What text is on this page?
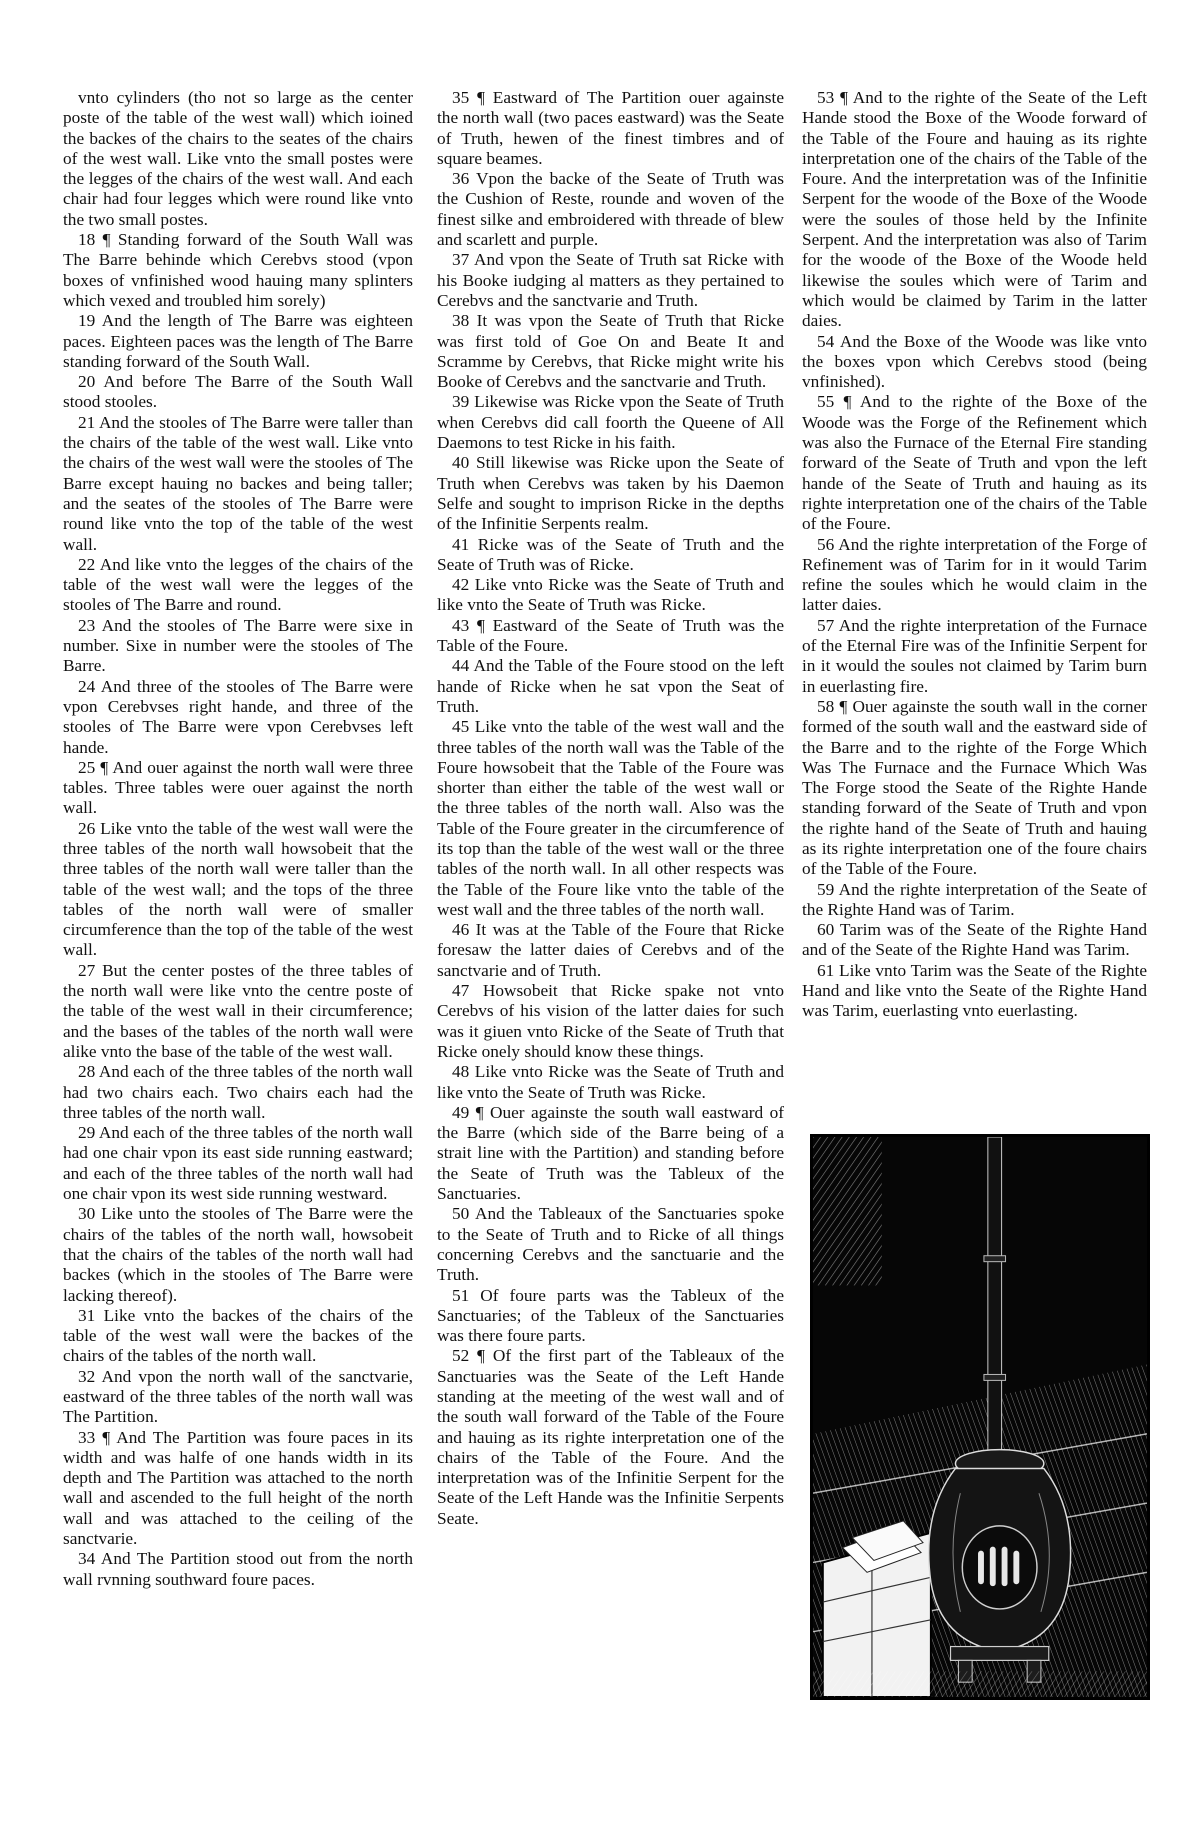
vnto cylinders (tho not so large as the center poste of the table of the west wall) which ioined the backes of the chairs to the seates of the chairs of the west wall. Like vnto the small postes were the legges of the chairs of the west wall. And each chair had four legges which were round like vnto the two small postes.

18 ¶ Standing forward of the South Wall was The Barre behinde which Cerebvs stood (vpon boxes of vnfinished wood hauing many splinters which vexed and troubled him sorely)

19 And the length of The Barre was eighteen paces. Eighteen paces was the length of The Barre standing forward of the South Wall.

20 And before The Barre of the South Wall stood stooles.

21 And the stooles of The Barre were taller than the chairs of the table of the west wall. Like vnto the chairs of the west wall were the stooles of The Barre except hauing no backes and being taller; and the seates of the stooles of The Barre were round like vnto the top of the table of the west wall.

22 And like vnto the legges of the chairs of the table of the west wall were the legges of the stooles of The Barre and round.

23 And the stooles of The Barre were sixe in number. Sixe in number were the stooles of The Barre.

24 And three of the stooles of The Barre were vpon Cerebvses right hande, and three of the stooles of The Barre were vpon Cerebvses left hande.

25 ¶ And ouer against the north wall were three tables. Three tables were ouer against the north wall.

26 Like vnto the table of the west wall were the three tables of the north wall howsobeit that the three tables of the north wall were taller than the table of the west wall; and the tops of the three tables of the north wall were of smaller circumference than the top of the table of the west wall.

27 But the center postes of the three tables of the north wall were like vnto the centre poste of the table of the west wall in their circumference; and the bases of the tables of the north wall were alike vnto the base of the table of the west wall.

28 And each of the three tables of the north wall had two chairs each. Two chairs each had the three tables of the north wall.

29 And each of the three tables of the north wall had one chair vpon its east side running eastward; and each of the three tables of the north wall had one chair vpon its west side running westward.

30 Like unto the stooles of The Barre were the chairs of the tables of the north wall, howsobeit that the chairs of the tables of the north wall had backes (which in the stooles of The Barre were lacking thereof).

31 Like vnto the backes of the chairs of the table of the west wall were the backes of the chairs of the tables of the north wall.

32 And vpon the north wall of the sanctvarie, eastward of the three tables of the north wall was The Partition.

33 ¶ And The Partition was foure paces in its width and was halfe of one hands width in its depth and The Partition was attached to the north wall and ascended to the full height of the north wall and was attached to the ceiling of the sanctvarie.

34 And The Partition stood out from the north wall rvnning southward foure paces.

35 ¶ Eastward of The Partition ouer againste the north wall (two paces eastward) was the Seate of Truth, hewen of the finest timbres and of square beames.

36 Vpon the backe of the Seate of Truth was the Cushion of Reste, rounde and woven of the finest silke and embroidered with threade of blew and scarlett and purple.

37 And vpon the Seate of Truth sat Ricke with his Booke iudging al matters as they pertained to Cerebvs and the sanctvarie and Truth.

38 It was vpon the Seate of Truth that Ricke was first told of Goe On and Beate It and Scramme by Cerebvs, that Ricke might write his Booke of Cerebvs and the sanctvarie and Truth.

39 Likewise was Ricke vpon the Seate of Truth when Cerebvs did call foorth the Queene of All Daemons to test Ricke in his faith.

40 Still likewise was Ricke upon the Seate of Truth when Cerebvs was taken by his Daemon Selfe and sought to imprison Ricke in the depths of the Infinitie Serpents realm.

41 Ricke was of the Seate of Truth and the Seate of Truth was of Ricke.

42 Like vnto Ricke was the Seate of Truth and like vnto the Seate of Truth was Ricke.

43 ¶ Eastward of the Seate of Truth was the Table of the Foure.

44 And the Table of the Foure stood on the left hande of Ricke when he sat vpon the Seat of Truth.

45 Like vnto the table of the west wall and the three tables of the north wall was the Table of the Foure howsobeit that the Table of the Foure was shorter than either the table of the west wall or the three tables of the north wall. Also was the Table of the Foure greater in the circumference of its top than the table of the west wall or the three tables of the north wall. In all other respects was the Table of the Foure like vnto the table of the west wall and the three tables of the north wall.

46 It was at the Table of the Foure that Ricke foresaw the latter daies of Cerebvs and of the sanctvarie and of Truth.

47 Howsobeit that Ricke spake not vnto Cerebvs of his vision of the latter daies for such was it giuen vnto Ricke of the Seate of Truth that Ricke onely should know these things.

48 Like vnto Ricke was the Seate of Truth and like vnto the Seate of Truth was Ricke.

49 ¶ Ouer againste the south wall eastward of the Barre (which side of the Barre being of a strait line with the Partition) and standing before the Seate of Truth was the Tableux of the Sanctuaries.

50 And the Tableaux of the Sanctuaries spoke to the Seate of Truth and to Ricke of all things concerning Cerebvs and the sanctuarie and the Truth.

51 Of foure parts was the Tableux of the Sanctuaries; of the Tableux of the Sanctuaries was there foure parts.

52 ¶ Of the first part of the Tableaux of the Sanctuaries was the Seate of the Left Hande standing at the meeting of the west wall and of the south wall forward of the Table of the Foure and hauing as its righte interpretation one of the chairs of the Table of the Foure. And the interpretation was of the Infinitie Serpent for the Seate of the Left Hande was the Infinitie Serpents Seate.

53 ¶ And to the righte of the Seate of the Left Hande stood the Boxe of the Woode forward of the Table of the Foure and hauing as its righte interpretation one of the chairs of the Table of the Foure. And the interpretation was of the Infinitie Serpent for the woode of the Boxe of the Woode were the soules of those held by the Infinite Serpent. And the interpretation was also of Tarim for the woode of the Boxe of the Woode held likewise the soules which were of Tarim and which would be claimed by Tarim in the latter daies.

54 And the Boxe of the Woode was like vnto the boxes vpon which Cerebvs stood (being vnfinished).

55 ¶ And to the righte of the Boxe of the Woode was the Forge of the Refinement which was also the Furnace of the Eternal Fire standing forward of the Seate of Truth and vpon the left hande of the Seate of Truth and hauing as its righte interpretation one of the chairs of the Table of the Foure.

56 And the righte interpretation of the Forge of Refinement was of Tarim for in it would Tarim refine the soules which he would claim in the latter daies.

57 And the righte interpretation of the Furnace of the Eternal Fire was of the Infinitie Serpent for in it would the soules not claimed by Tarim burn in euerlasting fire.

58 ¶ Ouer againste the south wall in the corner formed of the south wall and the eastward side of the Barre and to the righte of the Forge Which Was The Furnace and the Furnace Which Was The Forge stood the Seate of the Righte Hande standing forward of the Seate of Truth and vpon the righte hand of the Seate of Truth and hauing as its righte interpretation one of the foure chairs of the Table of the Foure.

59 And the righte interpretation of the Seate of the Righte Hand was of Tarim.

60 Tarim was of the Seate of the Righte Hand and of the Seate of the Righte Hand was Tarim.

61 Like vnto Tarim was the Seate of the Righte Hand and like vnto the Seate of the Righte Hand was Tarim, euerlasting vnto euerlasting.
